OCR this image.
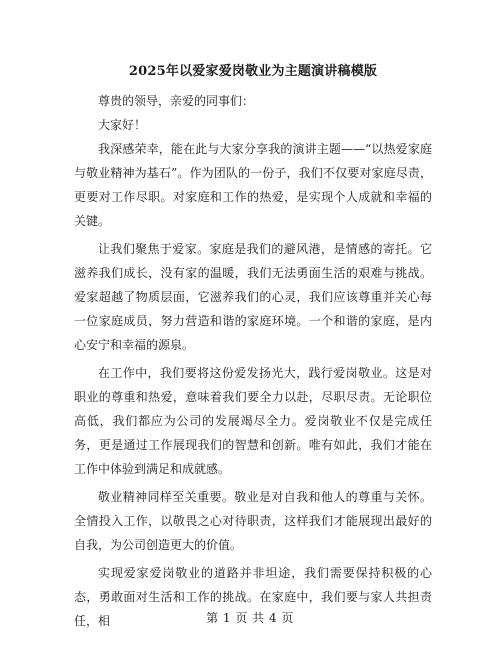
2025年以爱家爱岗敬业为主题演讲稿模版

尊贵的领导，亲爱的同事们：

大家好！

我深感荣幸，能在此与大家分享我的演讲主题——“以热爱家庭与敬业精神为基石”。作为团队的一份子，我们不仅要对家庭尽责，更要对工作尽职。对家庭和工作的热爱，是实现个人成就和幸福的关键。

让我们聚焦于爱家。家庭是我们的避风港，是情感的寄托。它滋养我们成长，没有家的温暖，我们无法勇面生活的艰难与挑战。爱家超越了物质层面，它滋养我们的心灵，我们应该尊重并关心每一位家庭成员，努力营造和谐的家庭环境。一个和谐的家庭，是内心安宁和幸福的源泉。

在工作中，我们要将这份爱发扬光大，践行爱岗敬业。这是对职业的尊重和热爱，意味着我们要全力以赴，尽职尽责。无论职位高低，我们都应为公司的发展竭尽全力。爱岗敬业不仅是完成任务，更是通过工作展现我们的智慧和创新。唯有如此，我们才能在工作中体验到满足和成就感。

敬业精神同样至关重要。敬业是对自我和他人的尊重与关怀。全情投入工作，以敬畏之心对待职责，这样我们才能展现出最好的自我，为公司创造更大的价值。

实现爱家爱岗敬业的道路并非坦途，我们需要保持积极的心态，勇敢面对生活和工作的挑战。在家庭中，我们要与家人共担责任，相	第 1 页 共 4 页
